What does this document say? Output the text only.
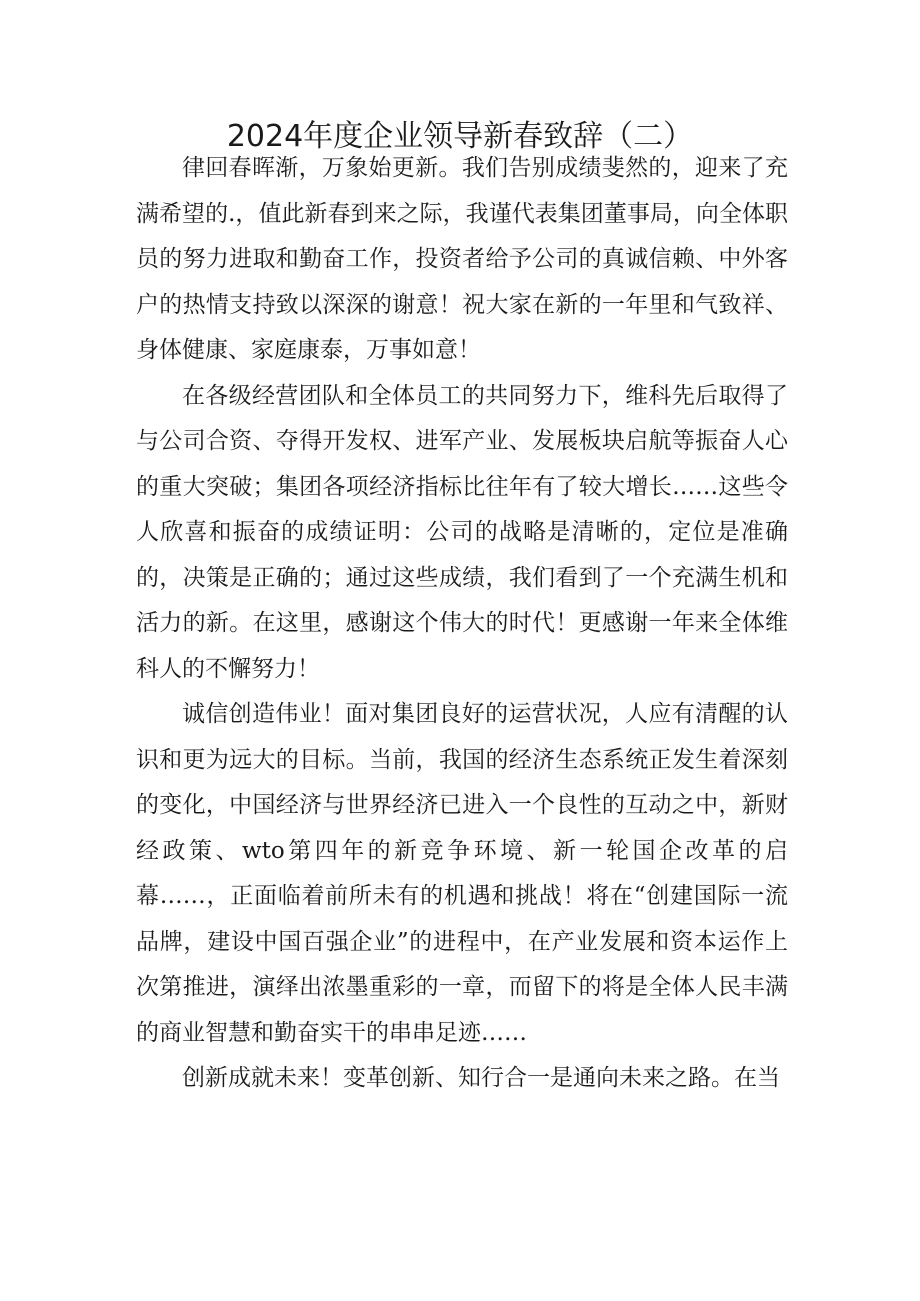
2024年度企业领导新春致辞（二）

律回春晖渐，万象始更新。我们告别成绩斐然的，迎来了充满希望的.，值此新春到来之际，我谨代表集团董事局，向全体职员的努力进取和勤奋工作，投资者给予公司的真诚信赖、中外客户的热情支持致以深深的谢意！祝大家在新的一年里和气致祥、身体健康、家庭康泰，万事如意！

在各级经营团队和全体员工的共同努力下，维科先后取得了与公司合资、夺得开发权、进军产业、发展板块启航等振奋人心的重大突破；集团各项经济指标比往年有了较大增长……这些令人欣喜和振奋的成绩证明：公司的战略是清晰的，定位是准确的，决策是正确的；通过这些成绩，我们看到了一个充满生机和活力的新。在这里，感谢这个伟大的时代！更感谢一年来全体维科人的不懈努力！

诚信创造伟业！面对集团良好的运营状况，人应有清醒的认识和更为远大的目标。当前，我国的经济生态系统正发生着深刻的变化，中国经济与世界经济已进入一个良性的互动之中，新财经政策、wto第四年的新竞争环境、新一轮国企改革的启幕……，正面临着前所未有的机遇和挑战！将在“创建国际一流品牌，建设中国百强企业”的进程中，在产业发展和资本运作上次第推进，演绎出浓墨重彩的一章，而留下的将是全体人民丰满的商业智慧和勤奋实干的串串足迹……

创新成就未来！变革创新、知行合一是通向未来之路。在当
